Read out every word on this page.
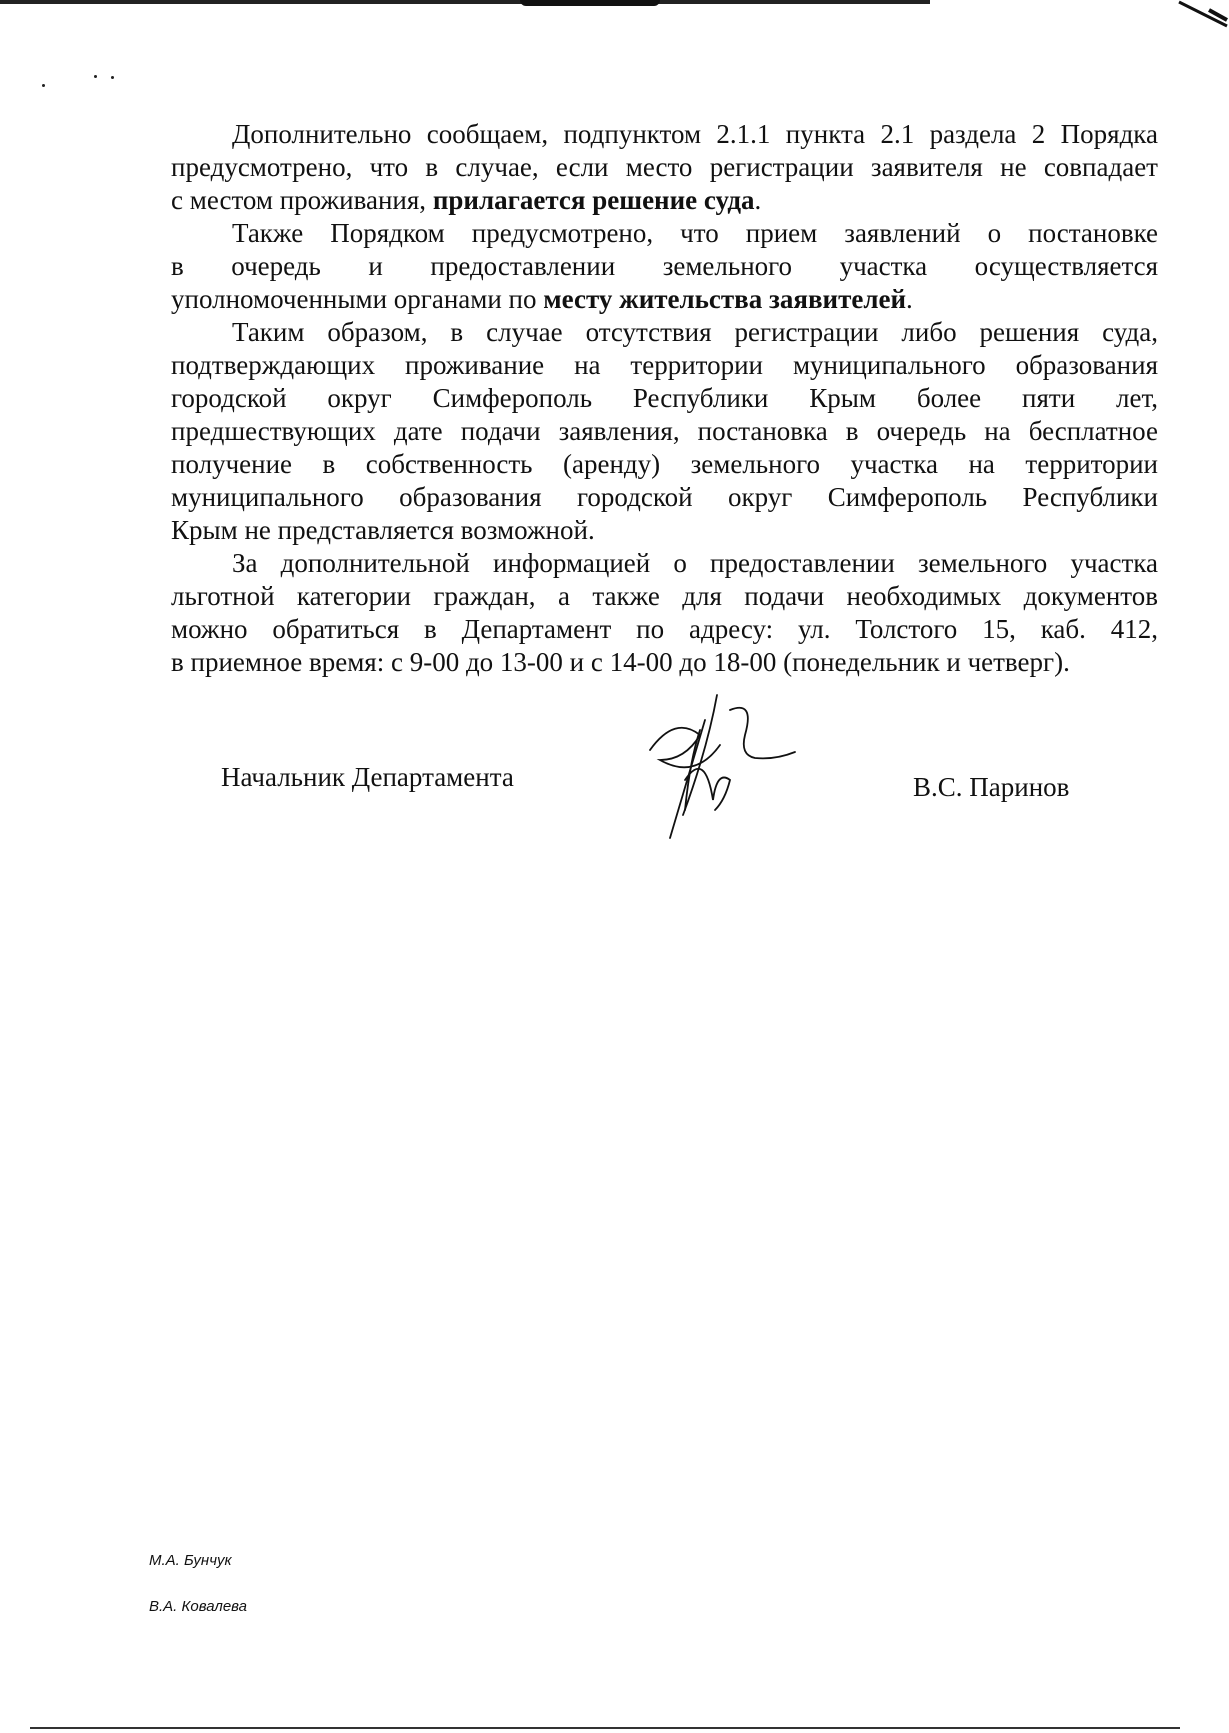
Дополнительно сообщаем, подпунктом 2.1.1 пункта 2.1 раздела 2 Порядка
предусмотрено, что в случае, если место регистрации заявителя не совпадает
с местом проживания, прилагается решение суда.
Также Порядком предусмотрено, что прием заявлений о постановке
в очередь и предоставлении земельного участка осуществляется
уполномоченными органами по месту жительства заявителей.
Таким образом, в случае отсутствия регистрации либо решения суда,
подтверждающих проживание на территории муниципального образования
городской округ Симферополь Республики Крым более пяти лет,
предшествующих дате подачи заявления, постановка в очередь на бесплатное
получение в собственность (аренду) земельного участка на территории
муниципального образования городской округ Симферополь Республики
Крым не представляется возможной.
За дополнительной информацией о предоставлении земельного участка
льготной категории граждан, а также для подачи необходимых документов
можно обратиться в Департамент по адресу: ул. Толстого 15, каб. 412,
в приемное время: с 9-00 до 13-00 и с 14-00 до 18-00 (понедельник и четверг).
Начальник Департамента	В.С. Паринов
М.А. Бунчук
В.А. Ковалева
